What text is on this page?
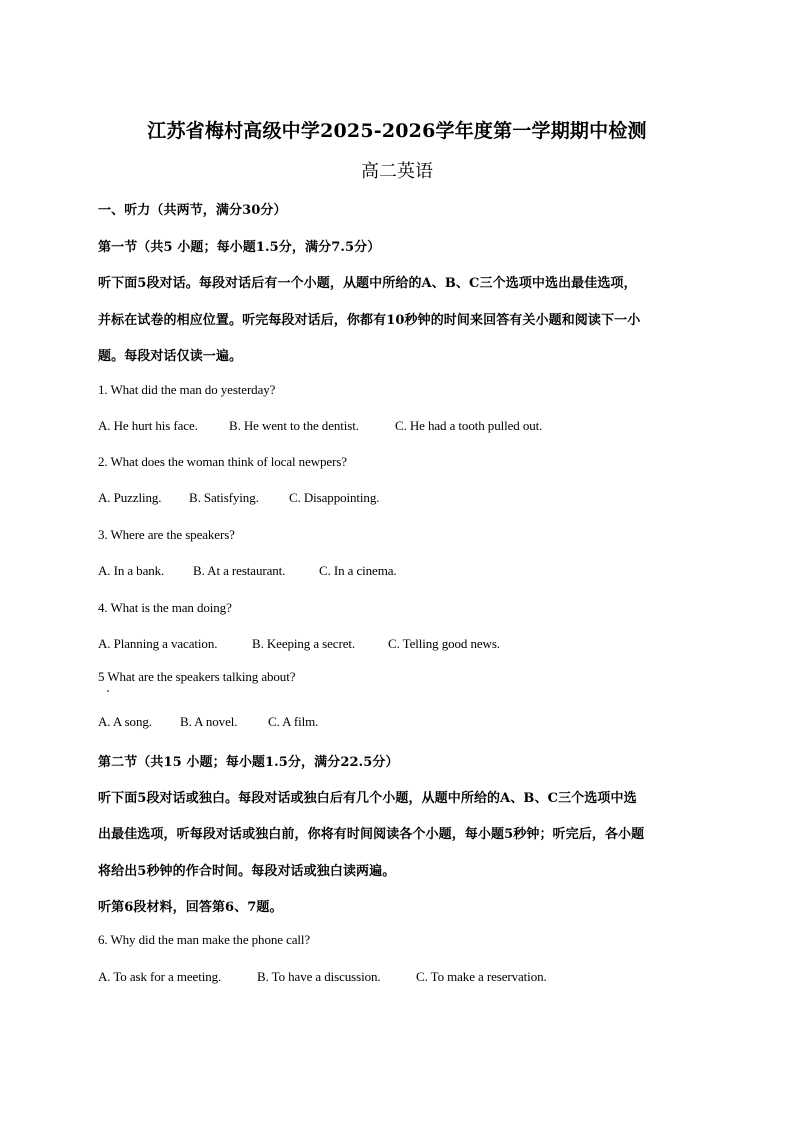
江苏省梅村高级中学2025-2026学年度第一学期期中检测
高二英语
一、听力（共两节，满分30分）
第一节（共5 小题；每小题1.5分，满分7.5分）
听下面5段对话。每段对话后有一个小题，从题中所给的A、B、C三个选项中选出最佳选项，
并标在试卷的相应位置。听完每段对话后，你都有10秒钟的时间来回答有关小题和阅读下一小
题。每段对话仅读一遍。
1. What did the man do yesterday?
A. He hurt his face. B. He went to the dentist.	C. He had a tooth pulled out.
2. What does the woman think of local newpers?
A. Puzzling. B. Satisfying. C. Disappointing.
3. Where are the speakers?
A. In a bank. B. At a restaurant.	C. In a cinema.
4. What is the man doing?
A. Planning a vacation.	B. Keeping a secret.	C. Telling good news.
5 What are the speakers talking about?
A. A song. B. A novel. C. A film.
第二节（共15 小题；每小题1.5分，满分22.5分）
听下面5段对话或独白。每段对话或独白后有几个小题，从题中所给的A、B、C三个选项中选
出最佳选项，听每段对话或独白前，你将有时间阅读各个小题，每小题5秒钟；听完后，各小题
将给出5秒钟的作合时间。每段对话或独白读两遍。
听第6段材料，回答第6、7题。
6. Why did the man make the phone call?
A. To ask for a meeting.	B. To have a discussion.	C. To make a reservation.
